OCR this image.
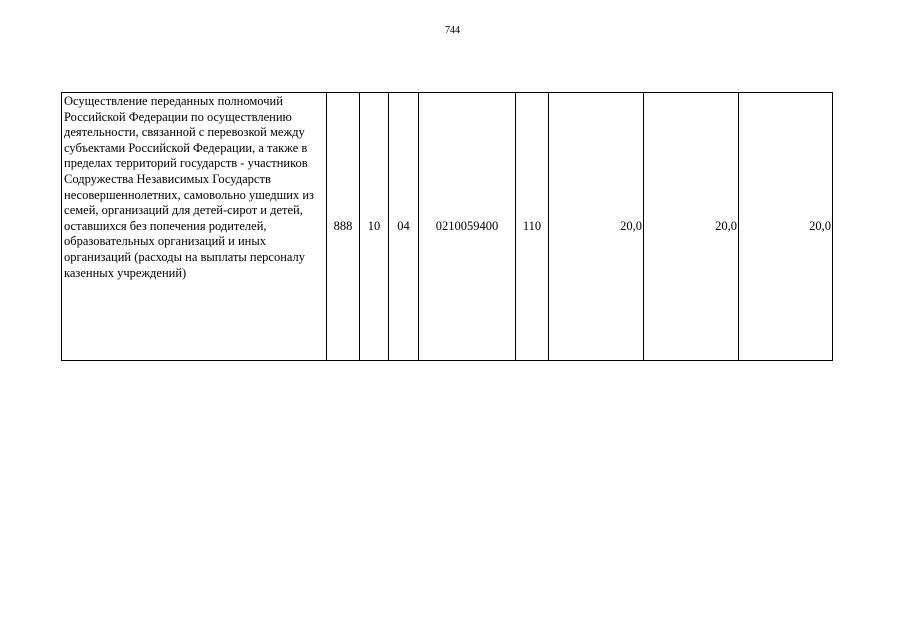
744
Осуществление переданных полномочий Российской Федерации по осуществлению деятельности, связанной с перевозкой между субъектами Российской Федерации, а также в пределах территорий государств - участников Содружества Независимых Государств несовершеннолетних, самовольно ушедших из семей, организаций для детей-сирот и детей, оставшихся без попечения родителей, образовательных организаций и иных организаций (расходы на выплаты персоналу казенных учреждений)	888	10	04	0210059400	110	20,0	20,0	20,0
